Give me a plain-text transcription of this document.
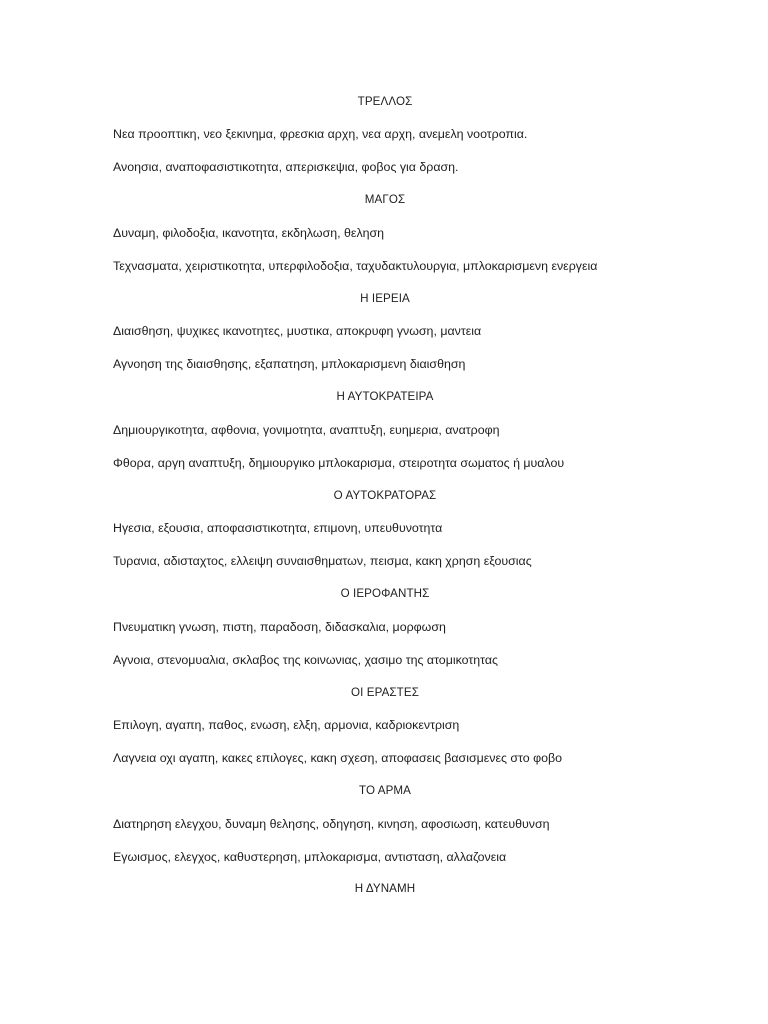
ΤΡΕΛΛΟΣ
Νεα προοπτικη, νεο ξεκινημα, φρεσκια αρχη, νεα αρχη, ανεμελη νοοτροπια.
Ανοησια, αναποφασιστικοτητα, απερισκεψια, φοβος για δραση.
ΜΑΓΟΣ
Δυναμη, φιλοδοξια, ικανοτητα, εκδηλωση, θεληση
Τεχνασματα, χειριστικοτητα, υπερφιλοδοξια, ταχυδακτυλουργια, μπλοκαρισμενη ενεργεια
Η ΙΕΡΕΙΑ
Διαισθηση, ψυχικες ικανοτητες, μυστικα, αποκρυφη γνωση, μαντεια
Αγνοηση της διαισθησης, εξαπατηση, μπλοκαρισμενη διαισθηση
Η ΑΥΤΟΚΡΑΤΕΙΡΑ
Δημιουργικοτητα, αφθονια, γονιμοτητα, αναπτυξη, ευημερια, ανατροφη
Φθορα, αργη αναπτυξη, δημιουργικο μπλοκαρισμα, στειροτητα σωματος ή μυαλου
Ο ΑΥΤΟΚΡΑΤΟΡΑΣ
Ηγεσια, εξουσια, αποφασιστικοτητα, επιμονη, υπευθυνοτητα
Τυρανια, αδισταχτος, ελλειψη συναισθηματων, πεισμα, κακη χρηση εξουσιας
Ο ΙΕΡΟΦΑΝΤΗΣ
Πνευματικη γνωση, πιστη, παραδοση, διδασκαλια, μορφωση
Αγνοια, στενομυαλια, σκλαβος της κοινωνιας, χασιμο της ατομικοτητας
ΟΙ ΕΡΑΣΤΕΣ
Επιλογη, αγαπη, παθος, ενωση, ελξη, αρμονια, καδριοκεντριση
Λαγνεια οχι αγαπη, κακες επιλογες, κακη σχεση, αποφασεις βασισμενες στο φοβο
ΤΟ ΑΡΜΑ
Διατηρηση ελεγχου, δυναμη θελησης, οδηγηση, κινηση, αφοσιωση, κατευθυνση
Εγωισμος, ελεγχος, καθυστερηση, μπλοκαρισμα, αντισταση, αλλαζονεια
Η ΔΥΝΑΜΗ
